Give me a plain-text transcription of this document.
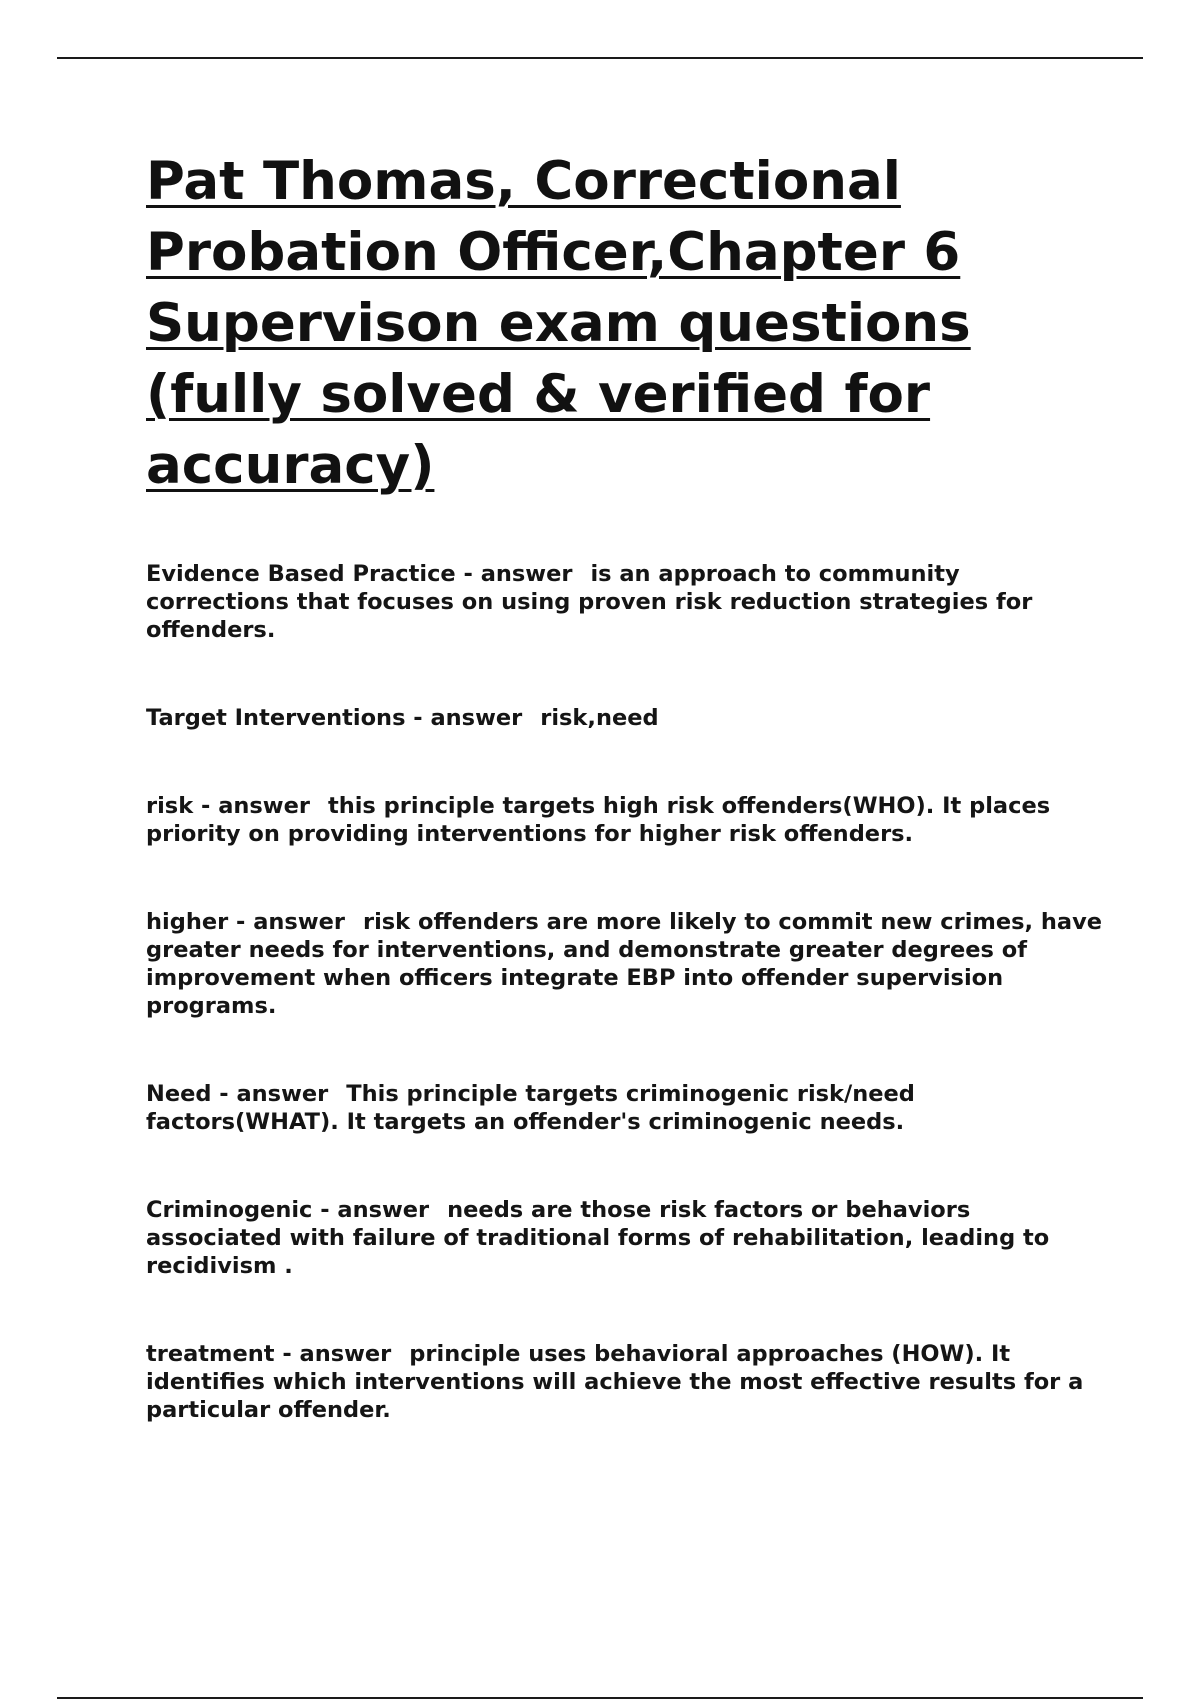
Pat Thomas, Correctional Probation Officer,Chapter 6 Supervison exam questions (fully solved & verified for accuracy)

Evidence Based Practice - answer is an approach to community corrections that focuses on using proven risk reduction strategies for offenders.

Target Interventions - answer risk,need

risk - answer this principle targets high risk offenders(WHO). It places priority on providing interventions for higher risk offenders.

higher - answer risk offenders are more likely to commit new crimes, have greater needs for interventions, and demonstrate greater degrees of improvement when officers integrate EBP into offender supervision programs.

Need - answer This principle targets criminogenic risk/need factors(WHAT). It targets an offender's criminogenic needs.

Criminogenic - answer needs are those risk factors or behaviors associated with failure of traditional forms of rehabilitation, leading to recidivism .

treatment - answer principle uses behavioral approaches (HOW). It identifies which interventions will achieve the most effective results for a particular offender.
